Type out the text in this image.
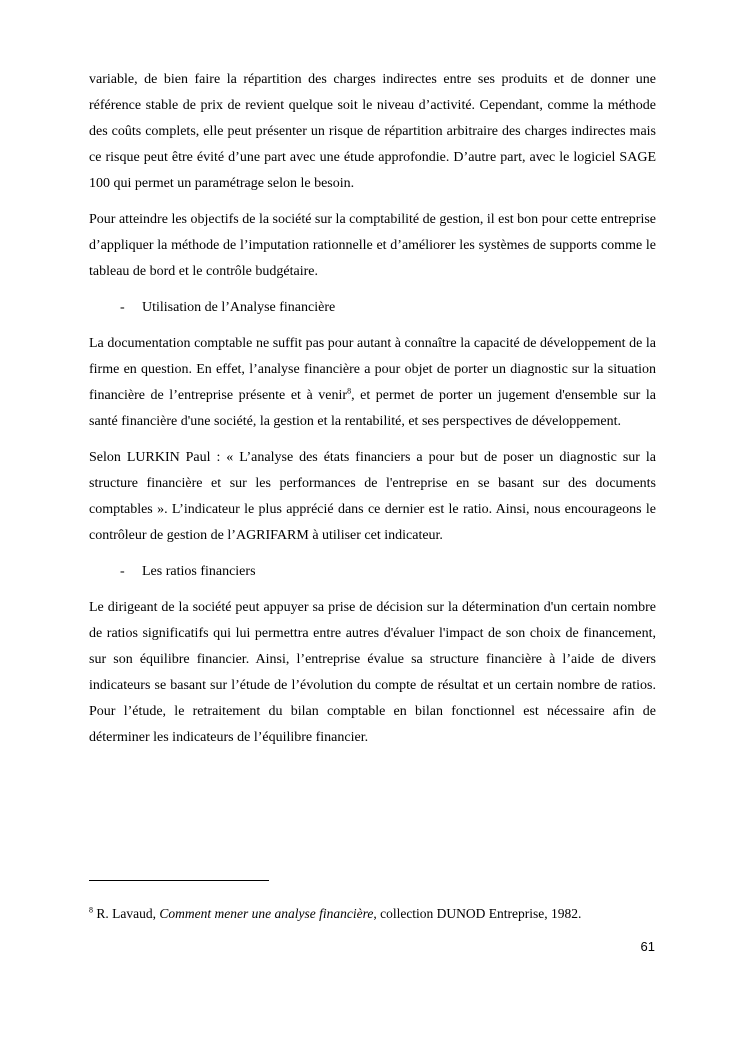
variable, de bien faire la répartition des charges indirectes entre ses produits et de donner une référence stable de prix de revient quelque soit le niveau d’activité. Cependant, comme la méthode des coûts complets, elle peut présenter un risque de répartition arbitraire des charges indirectes mais ce risque peut être évité d’une part avec une étude approfondie. D’autre part, avec le logiciel SAGE 100 qui permet un paramétrage selon le besoin.

Pour atteindre les objectifs de la société sur la comptabilité de gestion, il est bon pour cette entreprise d’appliquer la méthode de l’imputation rationnelle et d’améliorer les systèmes de supports comme le tableau de bord et le contrôle budgétaire.

- Utilisation de l’Analyse financière

La documentation comptable ne suffit pas pour autant à connaître la capacité de développement de la firme en question. En effet, l’analyse financière a pour objet de porter un diagnostic sur la situation financière de l’entreprise présente et à venir$^8$, et permet de porter un jugement d'ensemble sur la santé financière d'une société, la gestion et la rentabilité, et ses perspectives de développement.

Selon LURKIN Paul : « L’analyse des états financiers a pour but de poser un diagnostic sur la structure financière et sur les performances de l'entreprise en se basant sur des documents comptables ». L’indicateur le plus apprécié dans ce dernier est le ratio. Ainsi, nous encourageons le contrôleur de gestion de l’AGRIFARM à utiliser cet indicateur.

- Les ratios financiers

Le dirigeant de la société peut appuyer sa prise de décision sur la détermination d'un certain nombre de ratios significatifs qui lui permettra entre autres d'évaluer l'impact de son choix de financement, sur son équilibre financier. Ainsi, l’entreprise évalue sa structure financière à l’aide de divers indicateurs se basant sur l’étude de l’évolution du compte de résultat et un certain nombre de ratios. Pour l’étude, le retraitement du bilan comptable en bilan fonctionnel est nécessaire afin de déterminer les indicateurs de l’équilibre financier.

$^8$ R. Lavaud, Comment mener une analyse financière, collection DUNOD Entreprise, 1982.
61
